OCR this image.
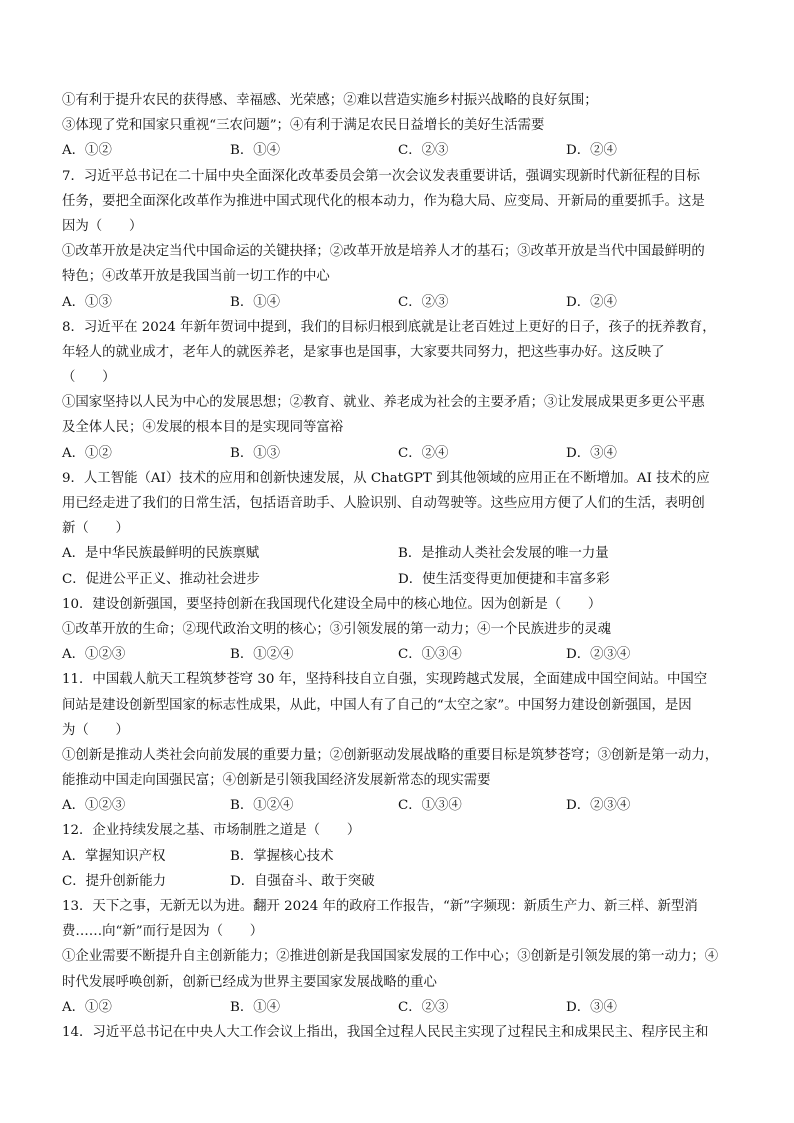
①有利于提升农民的获得感、幸福感、光荣感；②难以营造实施乡村振兴战略的良好氛围；
③体现了党和国家只重视“三农问题”；④有利于满足农民日益增长的美好生活需要
A．①②	B．①④	C．②③	D．②④
7．习近平总书记在二十届中央全面深化改革委员会第一次会议发表重要讲话，强调实现新时代新征程的目标
任务，要把全面深化改革作为推进中国式现代化的根本动力，作为稳大局、应变局、开新局的重要抓手。这是
因为（　　）
①改革开放是决定当代中国命运的关键抉择；②改革开放是培养人才的基石；③改革开放是当代中国最鲜明的
特色；④改革开放是我国当前一切工作的中心
A．①③	B．①④	C．②③	D．②④
8．习近平在 2024 年新年贺词中提到，我们的目标归根到底就是让老百姓过上更好的日子，孩子的抚养教育，
年轻人的就业成才，老年人的就医养老，是家事也是国事，大家要共同努力，把这些事办好。这反映了
（　　）
①国家坚持以人民为中心的发展思想；②教育、就业、养老成为社会的主要矛盾；③让发展成果更多更公平惠
及全体人民；④发展的根本目的是实现同等富裕
A．①②	B．①③	C．②④	D．③④
9．人工智能（AI）技术的应用和创新快速发展，从 ChatGPT 到其他领域的应用正在不断增加。AI 技术的应
用已经走进了我们的日常生活，包括语音助手、人脸识别、自动驾驶等。这些应用方便了人们的生活，表明创
新（　　）
A．是中华民族最鲜明的民族禀赋	B．是推动人类社会发展的唯一力量
C．促进公平正义、推动社会进步	D．使生活变得更加便捷和丰富多彩
10．建设创新强国，要坚持创新在我国现代化建设全局中的核心地位。因为创新是（　　）
①改革开放的生命；②现代政治文明的核心；③引领发展的第一动力；④一个民族进步的灵魂
A．①②③	B．①②④	C．①③④	D．②③④
11．中国载人航天工程筑梦苍穹 30 年，坚持科技自立自强，实现跨越式发展，全面建成中国空间站。中国空
间站是建设创新型国家的标志性成果，从此，中国人有了自己的“太空之家”。中国努力建设创新强国，是因
为（　　）
①创新是推动人类社会向前发展的重要力量；②创新驱动发展战略的重要目标是筑梦苍穹；③创新是第一动力，
能推动中国走向国强民富；④创新是引领我国经济发展新常态的现实需要
A．①②③	B．①②④	C．①③④	D．②③④
12．企业持续发展之基、市场制胜之道是（　　）
A．掌握知识产权	B．掌握核心技术
C．提升创新能力	D．自强奋斗、敢于突破
13．天下之事，无新无以为进。翻开 2024 年的政府工作报告，“新”字频现：新质生产力、新三样、新型消
费……向“新”而行是因为（　　）
①企业需要不断提升自主创新能力；②推进创新是我国国家发展的工作中心；③创新是引领发展的第一动力；④
时代发展呼唤创新，创新已经成为世界主要国家发展战略的重心
A．①②	B．①④	C．②③	D．③④
14．习近平总书记在中央人大工作会议上指出，我国全过程人民民主实现了过程民主和成果民主、程序民主和
